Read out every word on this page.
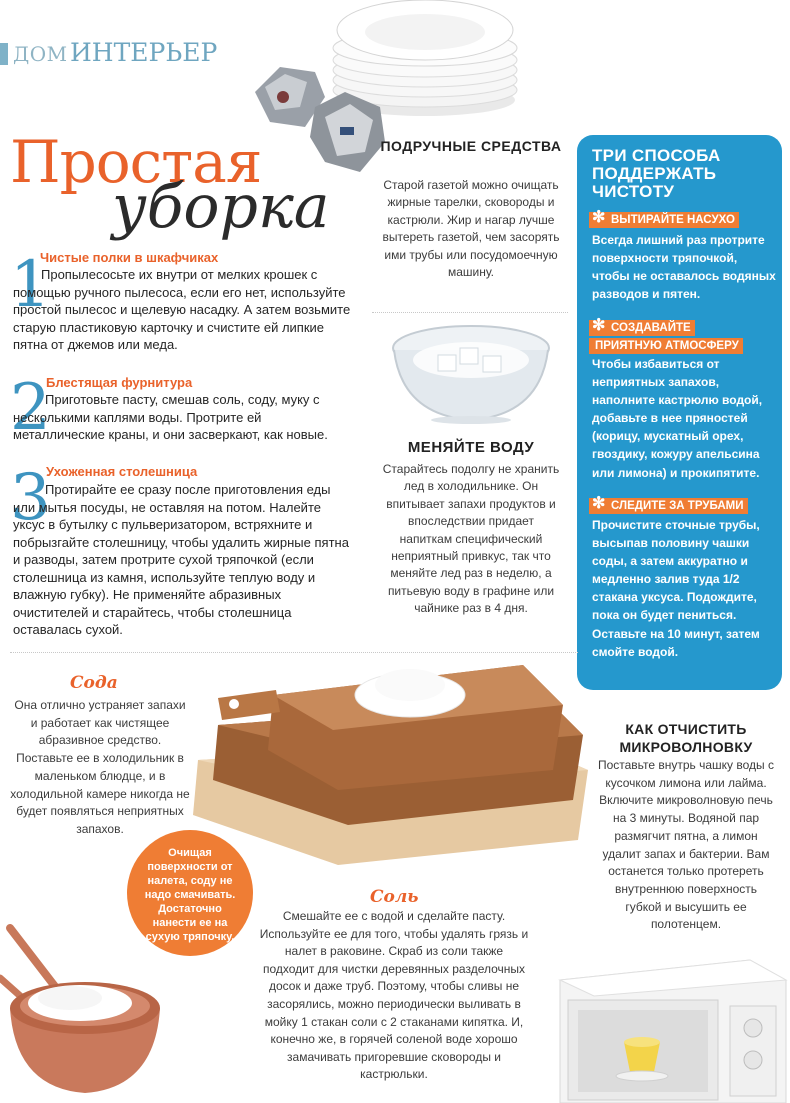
ДОМ ИНТЕРЬЕР
Простая
уборка
1
Чистые полки в шкафчиках
Пропылесосьте их внутри от мелких крошек с помощью ручного пылесоса, если его нет, используйте простой пылесос и щелевую насадку. А затем возьмите старую пластиковую карточку и счистите ей липкие пятна от джемов или меда.
2
Блестящая фурнитура
Приготовьте пасту, смешав соль, соду, муку с несколькими каплями воды. Протрите ей металлические краны, и они засверкают, как новые.
3
Ухоженная столешница
Протирайте ее сразу после приготовления еды или мытья посуды, не оставляя на потом. Налейте уксус в бутылку с пульверизатором, встряхните и побрызгайте столешницу, чтобы удалить жирные пятна и разводы, затем протрите сухой тряпочкой (если столешница из камня, используйте теплую воду и влажную губку). Не применяйте абразивных очистителей и старайтесь, чтобы столешница оставалась сухой.
ПОДРУЧНЫЕ СРЕДСТВА
Старой газетой можно очищать жирные тарелки, сковороды и кастрюли. Жир и нагар лучше вытереть газетой, чем засорять ими трубы или посудомоечную машину.
МЕНЯЙТЕ ВОДУ
Старайтесь подолгу не хранить лед в холодильнике. Он впитывает запахи продуктов и впоследствии придает напиткам специфический неприятный привкус, так что меняйте лед раз в неделю, а питьевую воду в графине или чайнике раз в 4 дня.
ТРИ СПОСОБА ПОДДЕРЖАТЬ ЧИСТОТУ
✻ ВЫТИРАЙТЕ НАСУХО
Всегда лишний раз протрите поверхности тряпочкой, чтобы не оставалось водяных разводов и пятен.
✻ СОЗДАВАЙТЕ
ПРИЯТНУЮ АТМОСФЕРУ
Чтобы избавиться от неприятных запахов, наполните кастрюлю водой, добавьте в нее пряностей (корицу, мускатный орех, гвоздику, кожуру апельсина или лимона) и прокипятите.
✻ СЛЕДИТЕ ЗА ТРУБАМИ
Прочистите сточные трубы, высыпав половину чашки соды, а затем аккуратно и медленно залив туда 1/2 стакана уксуса. Подождите, пока он будет пениться. Оставьте на 10 минут, затем смойте водой.
КАК ОТЧИСТИТЬ МИКРОВОЛНОВКУ
Поставьте внутрь чашку воды с кусочком лимона или лайма. Включите микроволновую печь на 3 минуты. Водяной пар размягчит пятна, а лимон удалит запах и бактерии. Вам останется только протереть внутреннюю поверхность губкой и высушить ее полотенцем.
Сода
Она отлично устраняет запахи и работает как чистящее абразивное средство. Поставьте ее в холодильник в маленьком блюдце, и в холодильной камере никогда не будет появляться неприятных запахов.
Очищая поверхности от налета, соду не надо смачивать. Достаточно нанести ее на сухую тряпочку.
Соль
Смешайте ее с водой и сделайте пасту. Используйте ее для того, чтобы удалять грязь и налет в раковине. Скраб из соли также подходит для чистки деревянных разделочных досок и даже труб. Поэтому, чтобы сливы не засорялись, можно периодически выливать в мойку 1 стакан соли с 2 стаканами кипятка. И, конечно же, в горячей соленой воде хорошо замачивать пригоревшие сковороды и кастрюльки.
